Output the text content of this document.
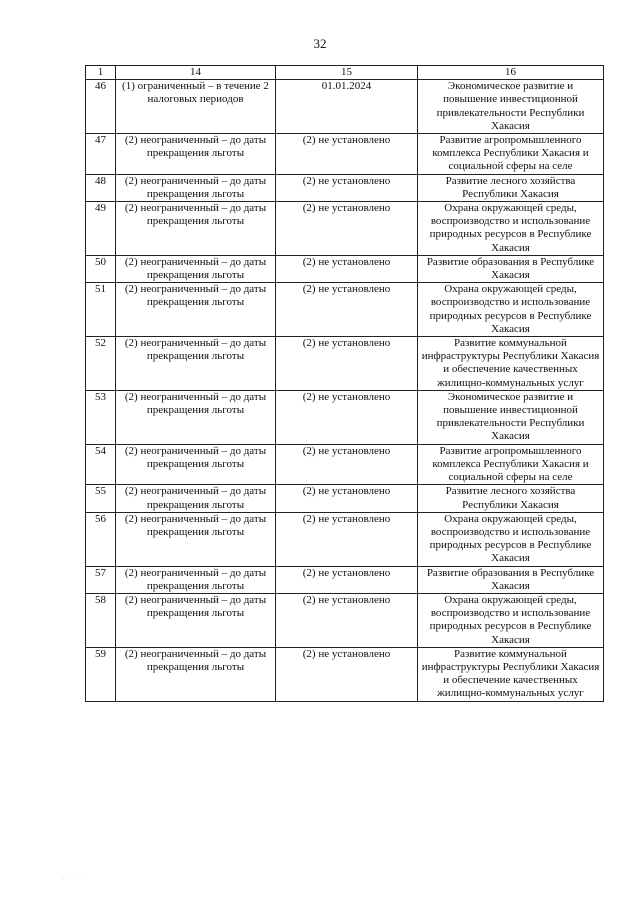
32
1	14	15	16
46	(1) ограниченный – в течение 2 налоговых периодов	01.01.2024	Экономическое развитие и повышение инвестиционной привлекательности Республики Хакасия
47	(2) неограниченный – до даты прекращения льготы	(2) не установлено	Развитие агропромышленного комплекса Республики Хакасия и социальной сферы на селе
48	(2) неограниченный – до даты прекращения льготы	(2) не установлено	Развитие лесного хозяйства Республики Хакасия
49	(2) неограниченный – до даты прекращения льготы	(2) не установлено	Охрана окружающей среды, воспроизводство и использование природных ресурсов в Республике Хакасия
50	(2) неограниченный – до даты прекращения льготы	(2) не установлено	Развитие образования в Республике Хакасия
51	(2) неограниченный – до даты прекращения льготы	(2) не установлено	Охрана окружающей среды, воспроизводство и использование природных ресурсов в Республике Хакасия
52	(2) неограниченный – до даты прекращения льготы	(2) не установлено	Развитие коммунальной инфраструктуры Республики Хакасия и обеспечение качественных жилищно-коммунальных услуг
53	(2) неограниченный – до даты прекращения льготы	(2) не установлено	Экономическое развитие и повышение инвестиционной привлекательности Республики Хакасия
54	(2) неограниченный – до даты прекращения льготы	(2) не установлено	Развитие агропромышленного комплекса Республики Хакасия и социальной сферы на селе
55	(2) неограниченный – до даты прекращения льготы	(2) не установлено	Развитие лесного хозяйства Республики Хакасия
56	(2) неограниченный – до даты прекращения льготы	(2) не установлено	Охрана окружающей среды, воспроизводство и использование природных ресурсов в Республике Хакасия
57	(2) неограниченный – до даты прекращения льготы	(2) не установлено	Развитие образования в Республике Хакасия
58	(2) неограниченный – до даты прекращения льготы	(2) не установлено	Охрана окружающей среды, воспроизводство и использование природных ресурсов в Республике Хакасия
59	(2) неограниченный – до даты прекращения льготы	(2) не установлено	Развитие коммунальной инфраструктуры Республики Хакасия и обеспечение качественных жилищно-коммунальных услуг
· · · ·
